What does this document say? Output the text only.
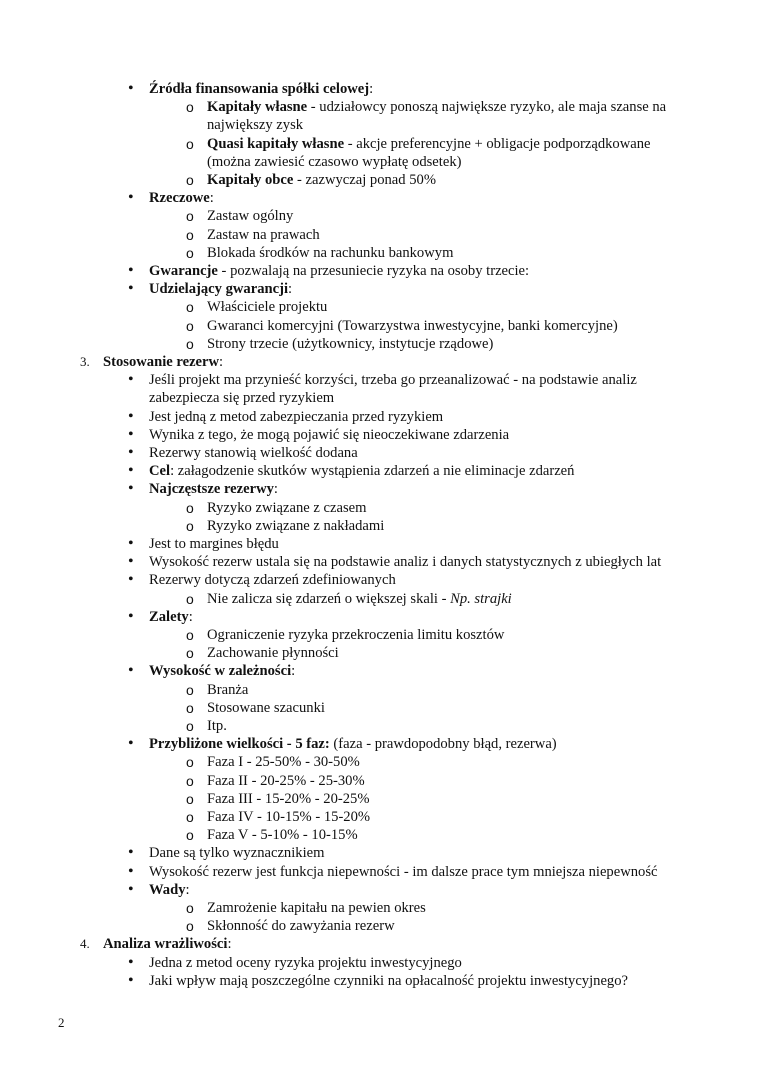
• Źródła finansowania spółki celowej:
o Kapitały własne - udziałowcy ponoszą największe ryzyko, ale maja szanse na
największy zysk
o Quasi kapitały własne - akcje preferencyjne + obligacje podporządkowane
(można zawiesić czasowo wypłatę odsetek)
o Kapitały obce - zazwyczaj ponad 50%
• Rzeczowe:
o Zastaw ogólny
o Zastaw na prawach
o Blokada środków na rachunku bankowym
• Gwarancje - pozwalają na przesuniecie ryzyka na osoby trzecie:
• Udzielający gwarancji:
o Właściciele projektu
o Gwaranci komercyjni (Towarzystwa inwestycyjne, banki komercyjne)
o Strony trzecie (użytkownicy, instytucje rządowe)
3. Stosowanie rezerw:
• Jeśli projekt ma przynieść korzyści, trzeba go przeanalizować - na podstawie analiz
zabezpiecza się przed ryzykiem
• Jest jedną z metod zabezpieczania przed ryzykiem
• Wynika z tego, że mogą pojawić się nieoczekiwane zdarzenia
• Rezerwy stanowią wielkość dodana
• Cel: załagodzenie skutków wystąpienia zdarzeń a nie eliminacje zdarzeń
• Najczęstsze rezerwy:
o Ryzyko związane z czasem
o Ryzyko związane z nakładami
• Jest to margines błędu
• Wysokość rezerw ustala się na podstawie analiz i danych statystycznych z ubiegłych lat
• Rezerwy dotyczą zdarzeń zdefiniowanych
o Nie zalicza się zdarzeń o większej skali - Np. strajki
• Zalety:
o Ograniczenie ryzyka przekroczenia limitu kosztów
o Zachowanie płynności
• Wysokość w zależności:
o Branża
o Stosowane szacunki
o Itp.
• Przybliżone wielkości - 5 faz: (faza - prawdopodobny błąd, rezerwa)
o Faza I - 25-50% - 30-50%
o Faza II - 20-25% - 25-30%
o Faza III - 15-20% - 20-25%
o Faza IV - 10-15% - 15-20%
o Faza V - 5-10% - 10-15%
• Dane są tylko wyznacznikiem
• Wysokość rezerw jest funkcja niepewności - im dalsze prace tym mniejsza niepewność
• Wady:
o Zamrożenie kapitału na pewien okres
o Skłonność do zawyżania rezerw
4. Analiza wrażliwości:
• Jedna z metod oceny ryzyka projektu inwestycyjnego
• Jaki wpływ mają poszczególne czynniki na opłacalność projektu inwestycyjnego?
2
